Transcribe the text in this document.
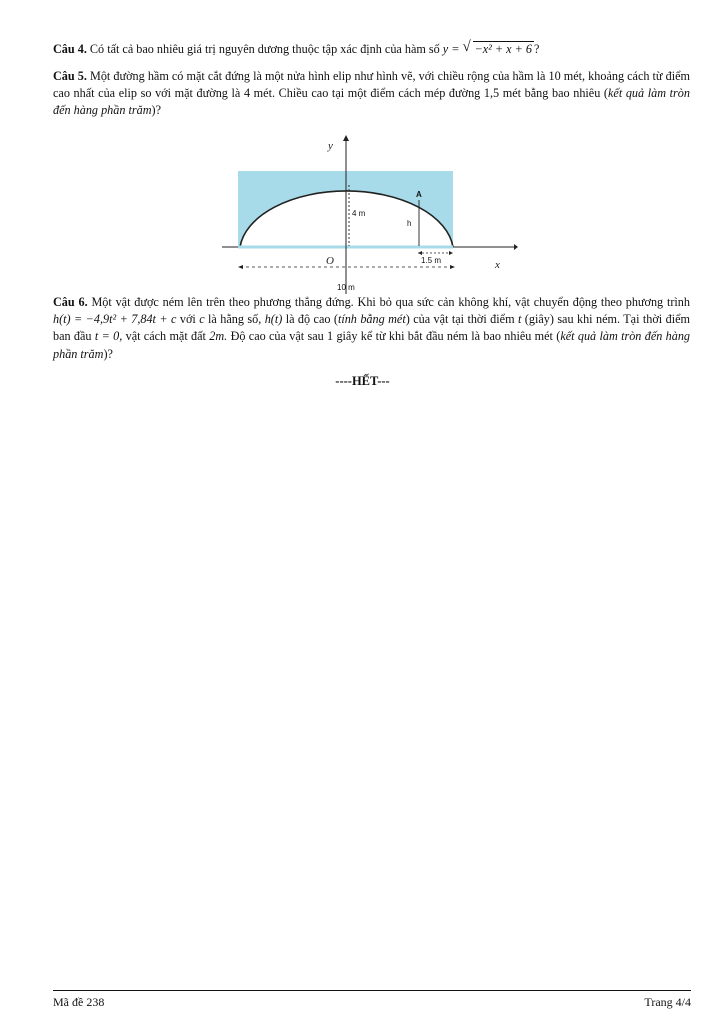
Câu 4. Có tất cả bao nhiêu giá trị nguyên dương thuộc tập xác định của hàm số y = √ −x² + x + 6 ?
Câu 5. Một đường hầm có mặt cắt đứng là một nửa hình elip như hình vẽ, với chiều rộng của hầm là 10 mét, khoảng cách từ điểm cao nhất của elip so với mặt đường là 4 mét. Chiều cao tại một điểm cách mép đường 1,5 mét bằng bao nhiêu (kết quả làm tròn đến hàng phần trăm)?
y
x
O
A
4 m
h
1.5 m
10 m
Câu 6. Một vật được ném lên trên theo phương thẳng đứng. Khi bỏ qua sức cản không khí, vật chuyển động theo phương trình h(t) = −4,9t² + 7,84t + c với c là hằng số, h(t) là độ cao (tính bằng mét) của vật tại thời điểm t (giây) sau khi ném. Tại thời điểm ban đầu t = 0, vật cách mặt đất 2m. Độ cao của vật sau 1 giây kể từ khi bắt đầu ném là bao nhiêu mét (kết quả làm tròn đến hàng phần trăm)?
----HẾT---
Mã đề 238	Trang 4/4
